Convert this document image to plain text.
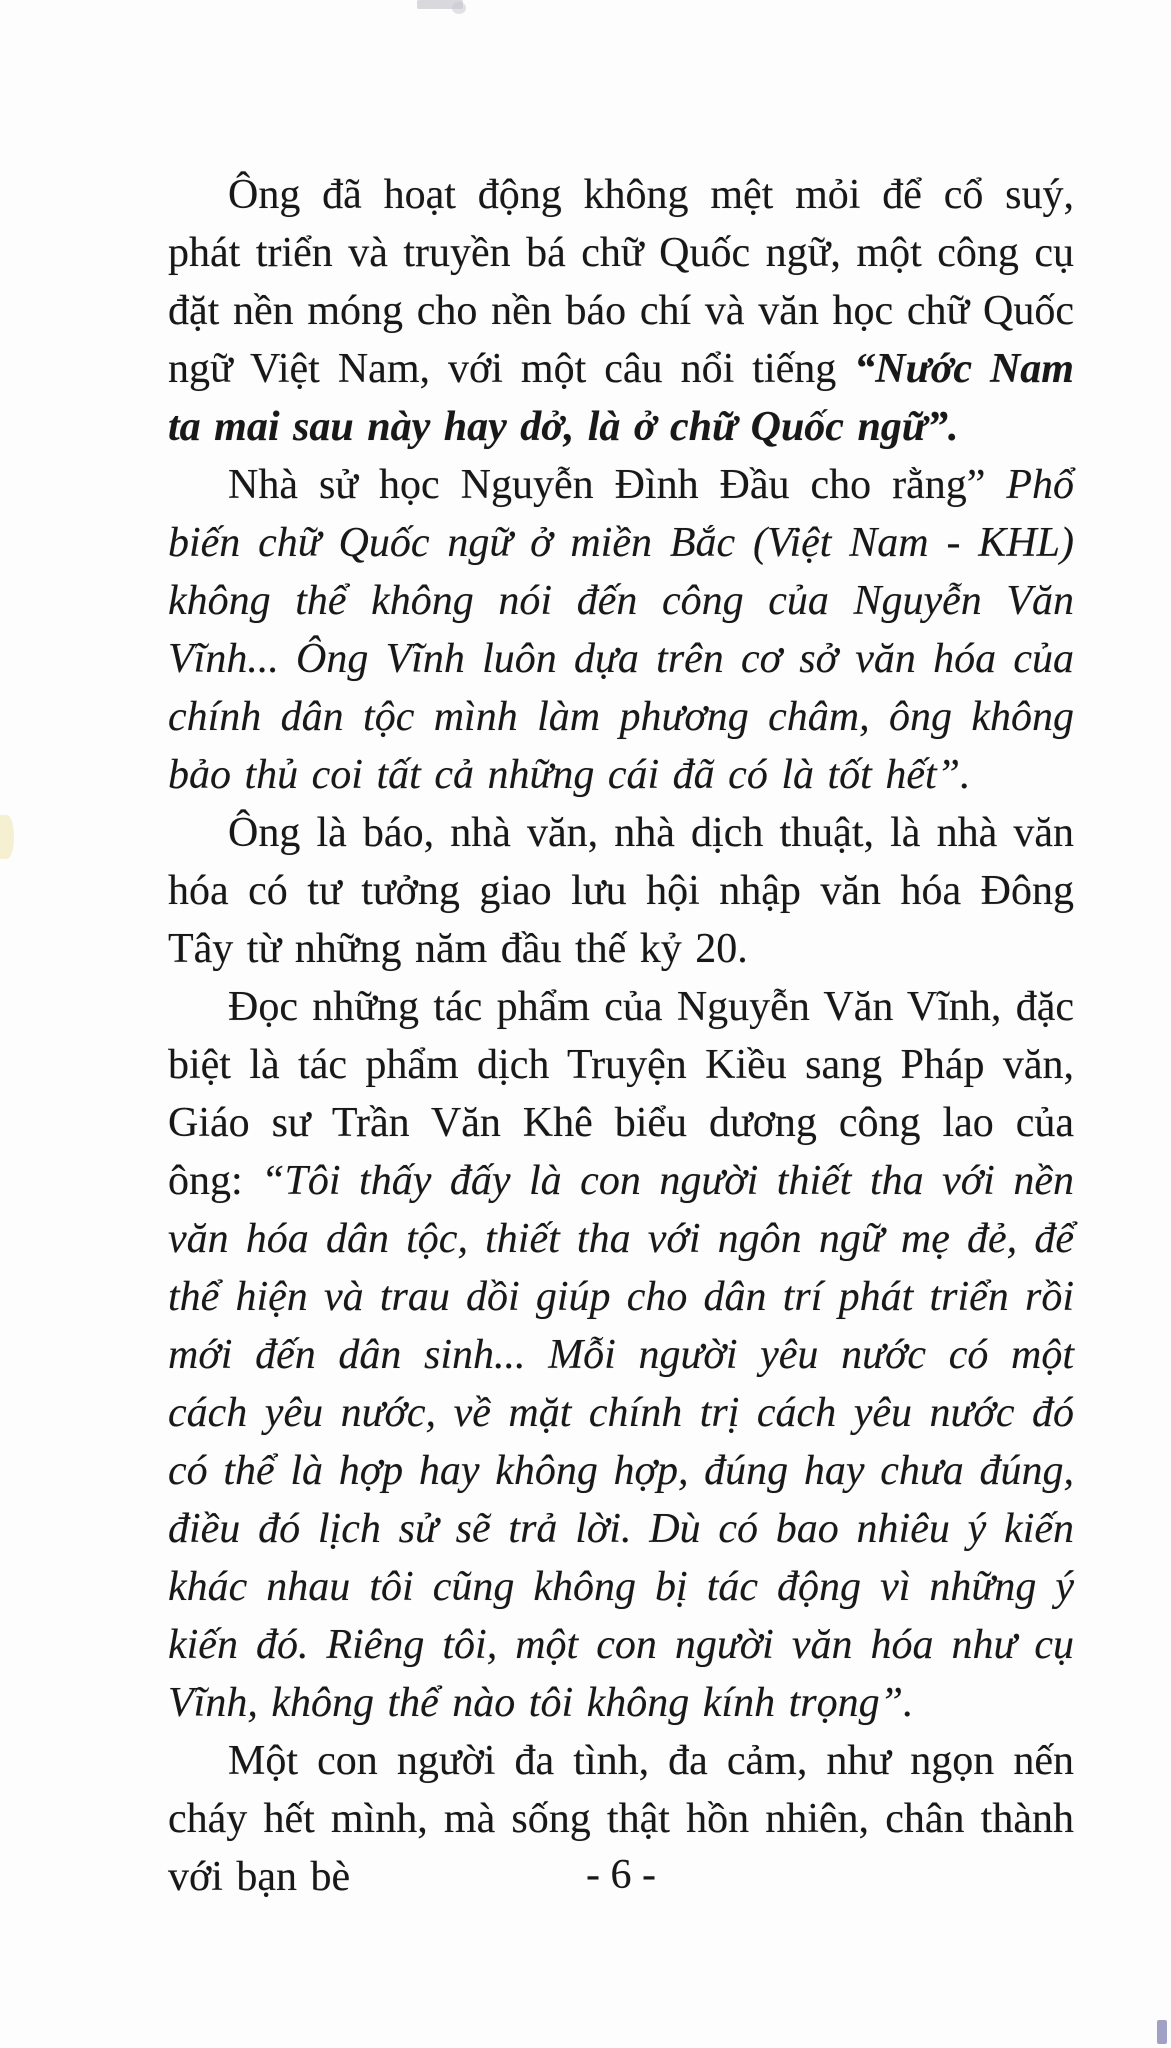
Ông đã hoạt động không mệt mỏi để cổ suý, phát triển và truyền bá chữ Quốc ngữ, một công cụ đặt nền móng cho nền báo chí và văn học chữ Quốc ngữ Việt Nam, với một câu nổi tiếng “Nước Nam ta mai sau này hay dở, là ở chữ Quốc ngữ”.

Nhà sử học Nguyễn Đình Đầu cho rằng” Phổ biến chữ Quốc ngữ ở miền Bắc (Việt Nam - KHL) không thể không nói đến công của Nguyễn Văn Vĩnh... Ông Vĩnh luôn dựa trên cơ sở văn hóa của chính dân tộc mình làm phương châm, ông không bảo thủ coi tất cả những cái đã có là tốt hết”.

Ông là báo, nhà văn, nhà dịch thuật, là nhà văn hóa có tư tưởng giao lưu hội nhập văn hóa Đông Tây từ những năm đầu thế kỷ 20.

Đọc những tác phẩm của Nguyễn Văn Vĩnh, đặc biệt là tác phẩm dịch Truyện Kiều sang Pháp văn, Giáo sư Trần Văn Khê biểu dương công lao của ông: “Tôi thấy đấy là con người thiết tha với nền văn hóa dân tộc, thiết tha với ngôn ngữ mẹ đẻ, để thể hiện và trau dồi giúp cho dân trí phát triển rồi mới đến dân sinh... Mỗi người yêu nước có một cách yêu nước, về mặt chính trị cách yêu nước đó có thể là hợp hay không hợp, đúng hay chưa đúng, điều đó lịch sử sẽ trả lời. Dù có bao nhiêu ý kiến khác nhau tôi cũng không bị tác động vì những ý kiến đó. Riêng tôi, một con người văn hóa như cụ Vĩnh, không thể nào tôi không kính trọng”.

Một con người đa tình, đa cảm, như ngọn nến cháy hết mình, mà sống thật hồn nhiên, chân thành với bạn bè	- 6 -
